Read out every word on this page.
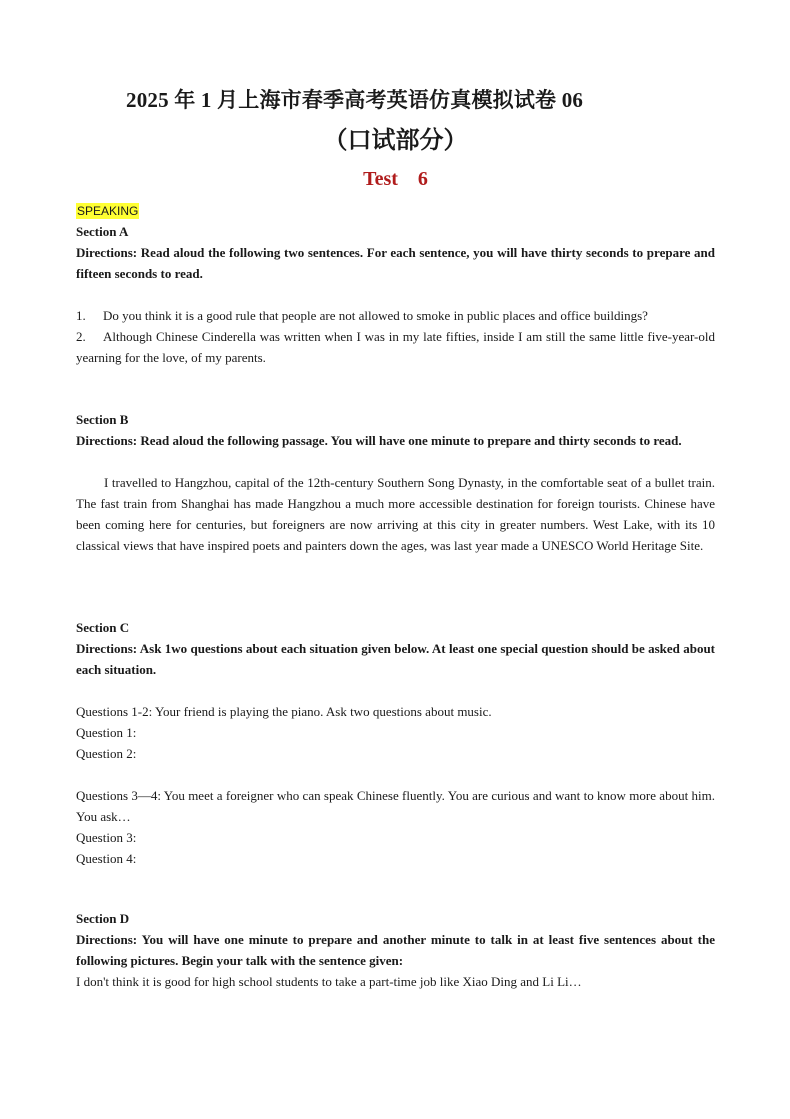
2025 年 1 月上海市春季高考英语仿真模拟试卷 06
（口试部分）
Test    6
SPEAKING
Section A
Directions: Read aloud the following two sentences. For each sentence, you will have thirty seconds to prepare and fifteen seconds to read.
1.	Do you think it is a good rule that people are not allowed to smoke in public places and office buildings?
2. Although Chinese Cinderella was written when I was in my late fifties, inside I am still the same little five-year-old yearning for the love, of my parents.
Section B
Directions: Read aloud the following passage. You will have one minute to prepare and thirty seconds to read.
I travelled to Hangzhou, capital of the 12th-century Southern Song Dynasty, in the comfortable seat of a bullet train. The fast train from Shanghai has made Hangzhou a much more accessible destination for foreign tourists. Chinese have been coming here for centuries, but foreigners are now arriving at this city in greater numbers. West Lake, with its 10 classical views that have inspired poets and painters down the ages, was last year made a UNESCO World Heritage Site.
Section C
Directions: Ask 1wo questions about each situation given below. At least one special question should be asked about each situation.
Questions 1-2: Your friend is playing the piano. Ask two questions about music.
Question 1:
Question 2:
Questions 3—4: You meet a foreigner who can speak Chinese fluently. You are curious and want to know more about him. You ask…
Question 3:
Question 4:
Section D
Directions: You will have one minute to prepare and another minute to talk in at least five sentences about the following pictures. Begin your talk with the sentence given:
I don't think it is good for high school students to take a part-time job like Xiao Ding and Li Li…
